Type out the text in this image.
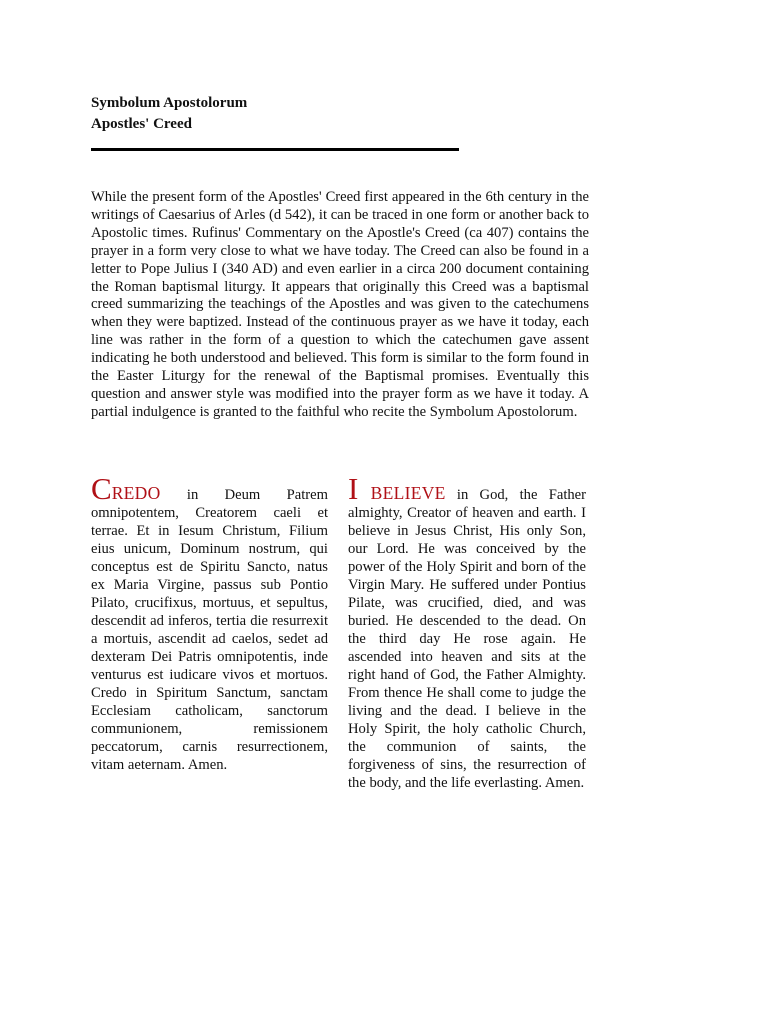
Symbolum Apostolorum
Apostles' Creed
While the present form of the Apostles' Creed first appeared in the 6th century in the writings of Caesarius of Arles (d 542), it can be traced in one form or another back to Apostolic times. Rufinus' Commentary on the Apostle's Creed (ca 407) contains the prayer in a form very close to what we have today. The Creed can also be found in a letter to Pope Julius I (340 AD) and even earlier in a circa 200 document containing the Roman baptismal liturgy. It appears that originally this Creed was a baptismal creed summarizing the teachings of the Apostles and was given to the catechumens when they were baptized. Instead of the continuous prayer as we have it today, each line was rather in the form of a question to which the catechumen gave assent indicating he both understood and believed. This form is similar to the form found in the Easter Liturgy for the renewal of the Baptismal promises. Eventually this question and answer style was modified into the prayer form as we have it today. A partial indulgence is granted to the faithful who recite the Symbolum Apostolorum.
CREDO in Deum Patrem omnipotentem, Creatorem caeli et terrae. Et in Iesum Christum, Filium eius unicum, Dominum nostrum, qui conceptus est de Spiritu Sancto, natus ex Maria Virgine, passus sub Pontio Pilato, crucifixus, mortuus, et sepultus, descendit ad inferos, tertia die resurrexit a mortuis, ascendit ad caelos, sedet ad dexteram Dei Patris omnipotentis, inde venturus est iudicare vivos et mortuos. Credo in Spiritum Sanctum, sanctam Ecclesiam catholicam, sanctorum communionem, remissionem peccatorum, carnis resurrectionem, vitam aeternam. Amen.
I BELIEVE in God, the Father almighty, Creator of heaven and earth. I believe in Jesus Christ, His only Son, our Lord. He was conceived by the power of the Holy Spirit and born of the Virgin Mary. He suffered under Pontius Pilate, was crucified, died, and was buried. He descended to the dead. On the third day He rose again. He ascended into heaven and sits at the right hand of God, the Father Almighty. From thence He shall come to judge the living and the dead. I believe in the Holy Spirit, the holy catholic Church, the communion of saints, the forgiveness of sins, the resurrection of the body, and the life everlasting. Amen.
